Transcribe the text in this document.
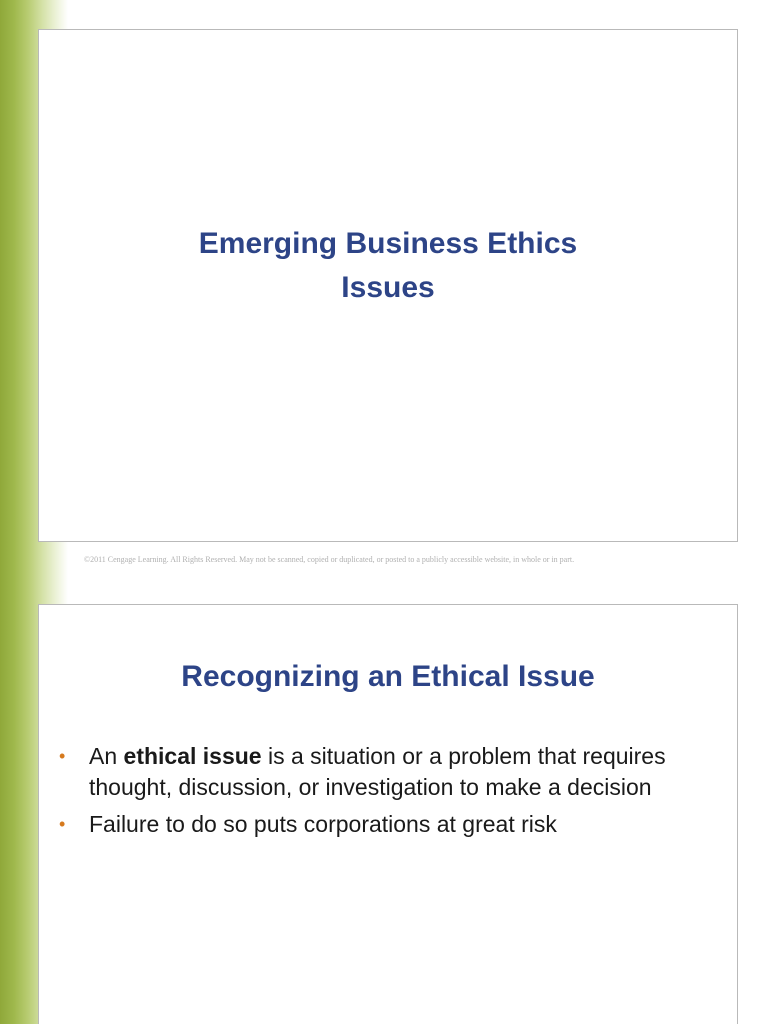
Emerging Business Ethics Issues
©2011 Cengage Learning. All Rights Reserved. May not be scanned, copied or duplicated, or posted to a publicly accessible website, in whole or in part.
Recognizing an Ethical Issue
• An ethical issue is a situation or a problem that requires thought, discussion, or investigation to make a decision
• Failure to do so puts corporations at great risk
